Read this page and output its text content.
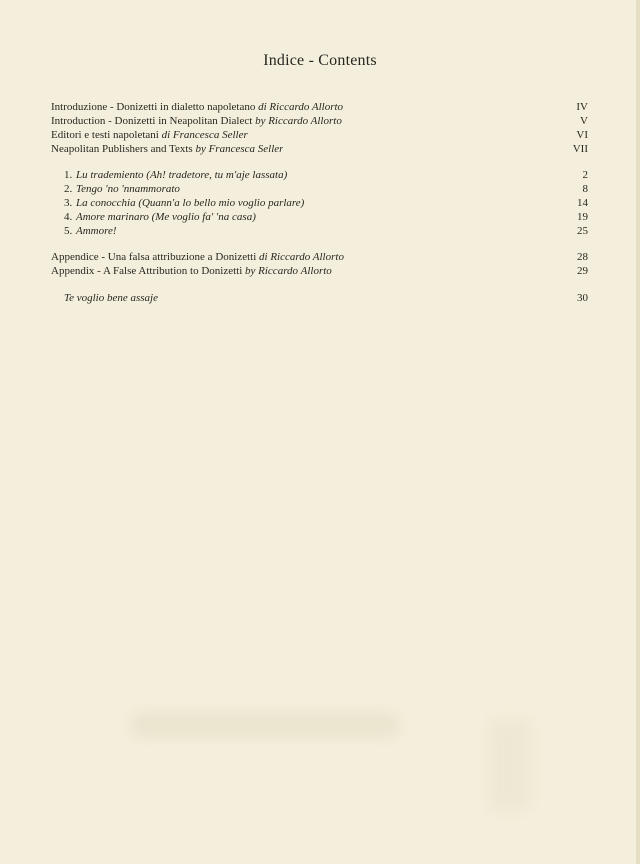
Indice - Contents
Introduzione - Donizetti in dialetto napoletano di Riccardo Allorto	IV
Introduction - Donizetti in Neapolitan Dialect by Riccardo Allorto	V
Editori e testi napoletani di Francesca Seller	VI
Neapolitan Publishers and Texts by Francesca Seller	VII
1. Lu trademiento (Ah! tradetore, tu m'aje lassata)	2
2. Tengo 'no 'nnammorato	8
3. La conocchia (Quann'a lo bello mio voglio parlare)	14
4. Amore marinaro (Me voglio fa' 'na casa)	19
5. Ammore!	25
Appendice - Una falsa attribuzione a Donizetti di Riccardo Allorto	28
Appendix - A False Attribution to Donizetti by Riccardo Allorto	29
Te voglio bene assaje	30
